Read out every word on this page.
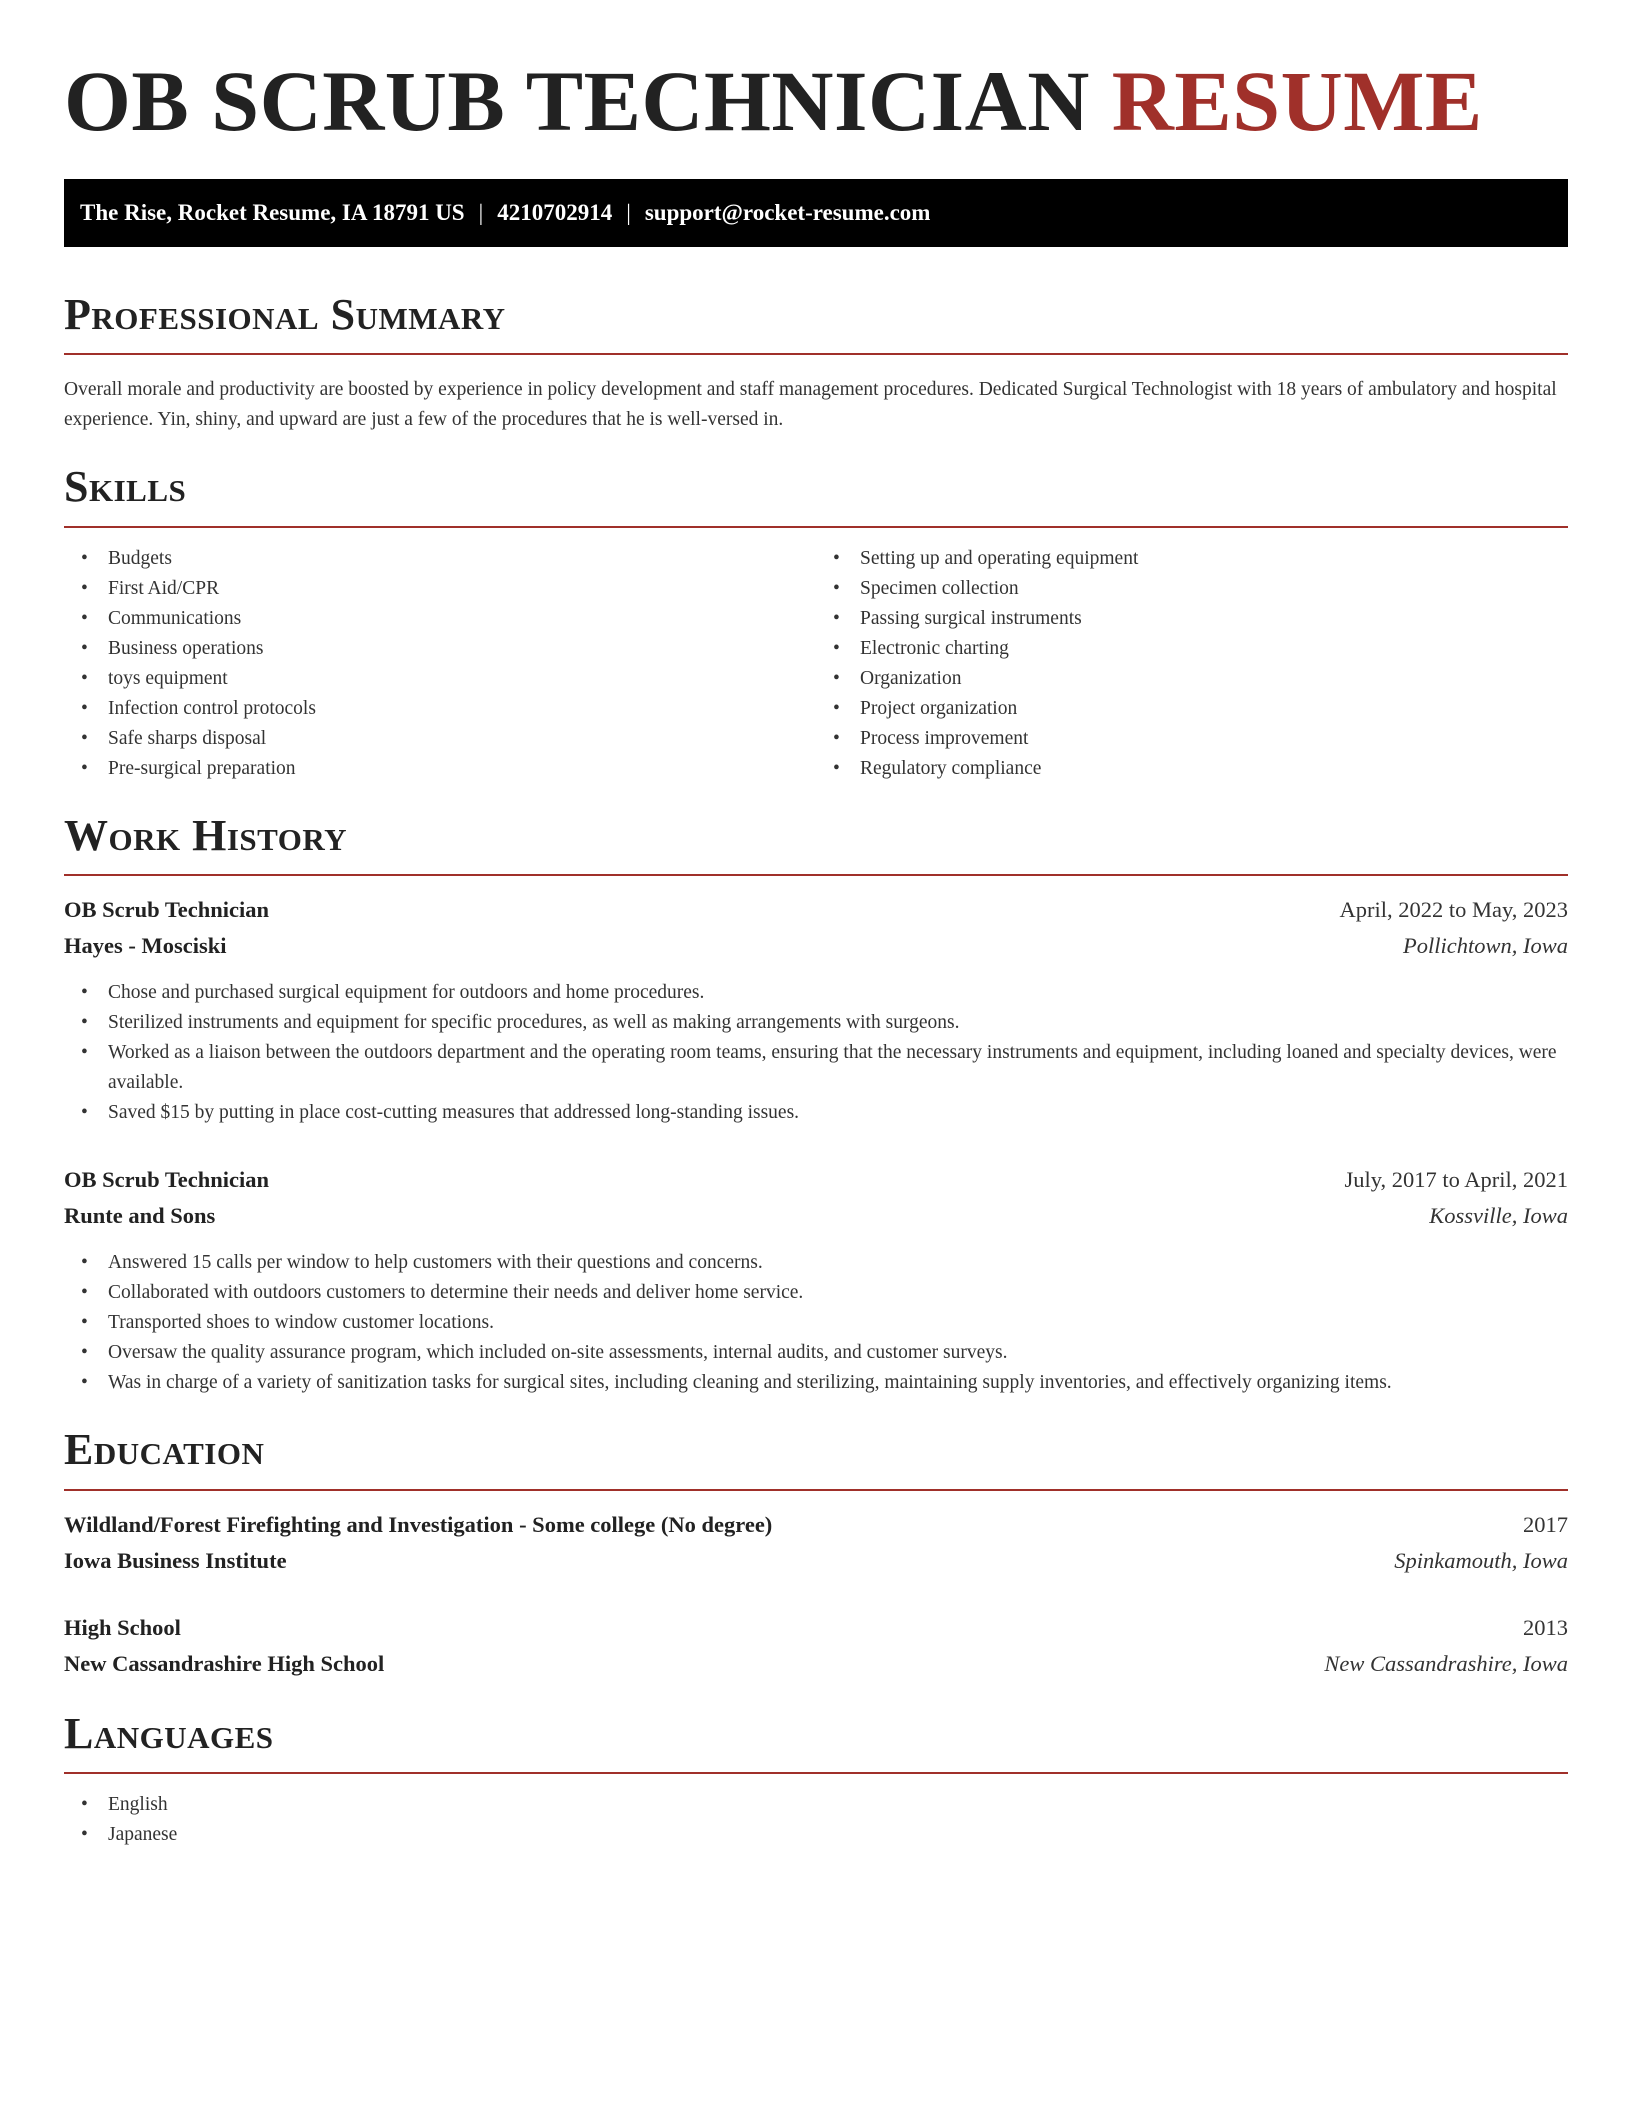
OB SCRUB TECHNICIAN RESUME
The Rise, Rocket Resume, IA 18791 US | 4210702914 | support@rocket-resume.com
Professional Summary

Overall morale and productivity are boosted by experience in policy development and staff management procedures. Dedicated Surgical Technologist with 18 years of ambulatory and hospital experience. Yin, shiny, and upward are just a few of the procedures that he is well-versed in.

Skills
• Budgets
• First Aid/CPR
• Communications
• Business operations
• toys equipment
• Infection control protocols
• Safe sharps disposal
• Pre-surgical preparation
• Setting up and operating equipment
• Specimen collection
• Passing surgical instruments
• Electronic charting
• Organization
• Project organization
• Process improvement
• Regulatory compliance
Work History
OB Scrub Technician	April, 2022 to May, 2023
Hayes - Mosciski	Pollichtown, Iowa
• Chose and purchased surgical equipment for outdoors and home procedures.
• Sterilized instruments and equipment for specific procedures, as well as making arrangements with surgeons.
• Worked as a liaison between the outdoors department and the operating room teams, ensuring that the necessary instruments and equipment, including loaned and specialty devices, were available.
• Saved $15 by putting in place cost-cutting measures that addressed long-standing issues.
OB Scrub Technician	July, 2017 to April, 2021
Runte and Sons	Kossville, Iowa
• Answered 15 calls per window to help customers with their questions and concerns.
• Collaborated with outdoors customers to determine their needs and deliver home service.
• Transported shoes to window customer locations.
• Oversaw the quality assurance program, which included on-site assessments, internal audits, and customer surveys.
• Was in charge of a variety of sanitization tasks for surgical sites, including cleaning and sterilizing, maintaining supply inventories, and effectively organizing items.
Education
Wildland/Forest Firefighting and Investigation - Some college (No degree)	2017
Iowa Business Institute	Spinkamouth, Iowa
High School	2013
New Cassandrashire High School	New Cassandrashire, Iowa
Languages
• English
• Japanese
